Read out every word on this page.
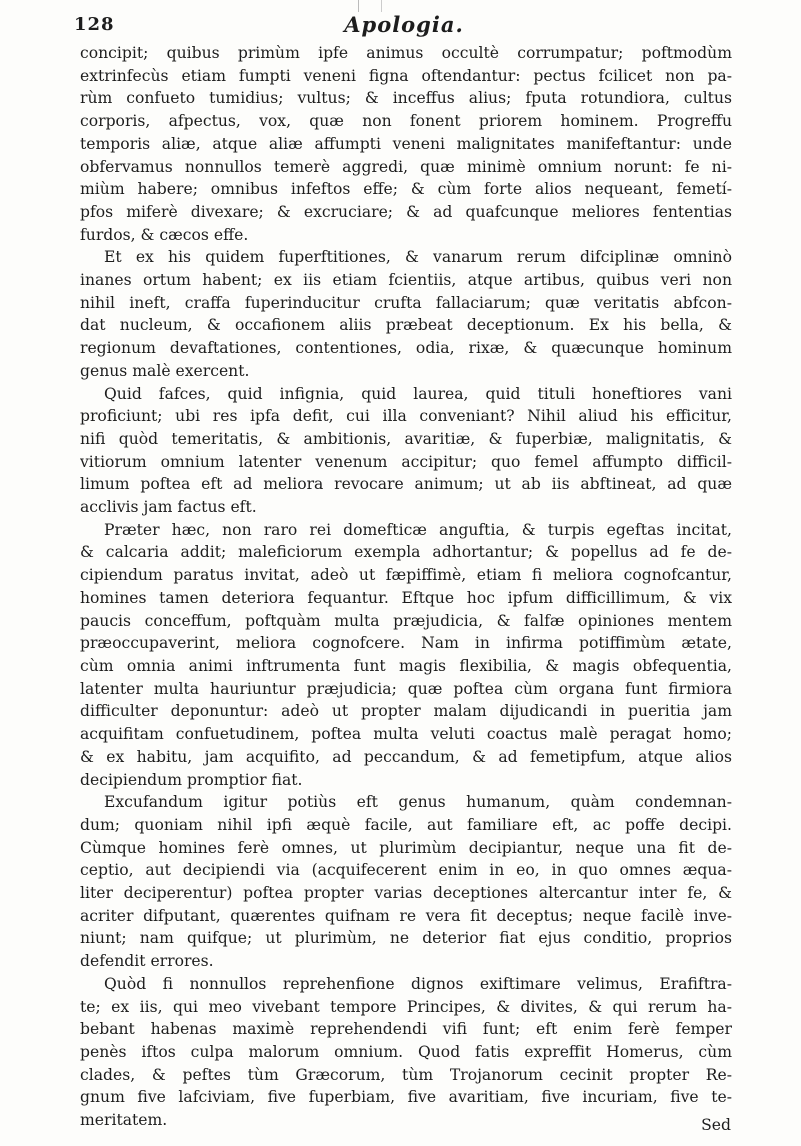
128	Apologia.
concipit; quibus primùm ipfe animus occultè corrumpatur; poftmodùm
extrinfecùs etiam fumpti veneni figna oftendantur: pectus fcilicet non pa-
rùm confueto tumidius; vultus; & inceffus alius; fputa rotundiora, cultus
corporis, afpectus, vox, quæ non fonent priorem hominem. Progreffu
temporis aliæ, atque aliæ affumpti veneni malignitates manifeftantur: unde
obfervamus nonnullos temerè aggredi, quæ minimè omnium norunt: fe ni-
miùm habere; omnibus infeftos effe; & cùm forte alios nequeant, femetí-
pfos miferè divexare; & excruciare; & ad quafcunque meliores fententias
furdos, & cæcos effe.
Et ex his quidem fuperftitiones, & vanarum rerum difciplinæ omninò
inanes ortum habent; ex iis etiam fcientiis, atque artibus, quibus veri non
nihil ineft, craffa fuperinducitur crufta fallaciarum; quæ veritatis abfcon-
dat nucleum, & occafionem aliis præbeat deceptionum. Ex his bella, &
regionum devaftationes, contentiones, odia, rixæ, & quæcunque hominum
genus malè exercent.
Quid fafces, quid infignia, quid laurea, quid tituli honeftiores vani
proficiunt; ubi res ipfa defit, cui illa conveniant? Nihil aliud his efficitur,
nifi quòd temeritatis, & ambitionis, avaritiæ, & fuperbiæ, malignitatis, &
vitiorum omnium latenter venenum accipitur; quo femel affumpto difficil-
limum poftea eft ad meliora revocare animum; ut ab iis abftineat, ad quæ
acclivis jam factus eft.
Præter hæc, non raro rei domefticæ anguftia, & turpis egeftas incitat,
& calcaria addit; maleficiorum exempla adhortantur; & popellus ad fe de-
cipiendum paratus invitat, adeò ut fæpiffimè, etiam fi meliora cognofcantur,
homines tamen deteriora fequantur. Eftque hoc ipfum difficillimum, & vix
paucis conceffum, poftquàm multa præjudicia, & falfæ opiniones mentem
præoccupaverint, meliora cognofcere. Nam in infirma potiffimùm ætate,
cùm omnia animi inftrumenta funt magis flexibilia, & magis obfequentia,
latenter multa hauriuntur præjudicia; quæ poftea cùm organa funt firmiora
difficulter deponuntur: adeò ut propter malam dijudicandi in pueritia jam
acquifitam confuetudinem, poftea multa veluti coactus malè peragat homo;
& ex habitu, jam acquifito, ad peccandum, & ad femetipfum, atque alios
decipiendum promptior fiat.
Excufandum igitur potiùs eft genus humanum, quàm condemnan-
dum; quoniam nihil ipfi æquè facile, aut familiare eft, ac poffe decipi.
Cùmque homines ferè omnes, ut plurimùm decipiantur, neque una fit de-
ceptio, aut decipiendi via (acquifecerent enim in eo, in quo omnes æqua-
liter deciperentur) poftea propter varias deceptiones altercantur inter fe, &
acriter difputant, quærentes quifnam re vera fit deceptus; neque facilè inve-
niunt; nam quifque; ut plurimùm, ne deterior fiat ejus conditio, proprios
defendit errores.
Quòd fi nonnullos reprehenfione dignos exiftimare velimus, Erafiftra-
te; ex iis, qui meo vivebant tempore Principes, & divites, & qui rerum ha-
bebant habenas maximè reprehendendi vifi funt; eft enim ferè femper
penès iftos culpa malorum omnium. Quod fatis expreffit Homerus, cùm
clades, & peftes tùm Græcorum, tùm Trojanorum cecinit propter Re-
gnum five lafciviam, five fuperbiam, five avaritiam, five incuriam, five te-
meritatem.	Sed
